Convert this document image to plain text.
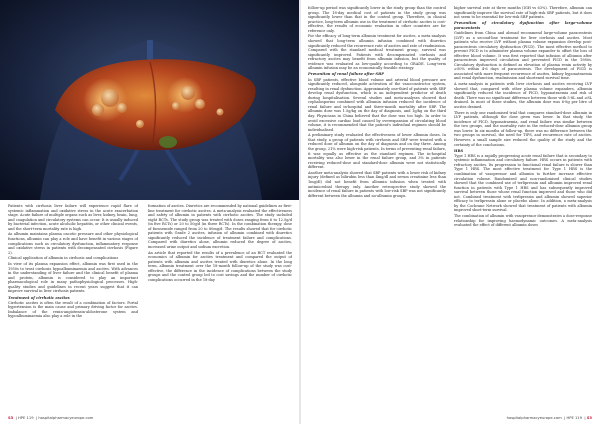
Patients with cirrhosis liver failure will experience rapid flare of systemic inflammation and oxidative stress in the acute exacerbation stage. Acute failure of multiple organs such as liver, kidney, brain, lung, and coagulation and circulatory systems can occur. It is usually induced by bacterial infection, acute alcoholic hepatitis, or other clinical events, and the short-term mortality rate is high.

As albumin maintains plasma oncotic pressure and other physiological functions, albumin can play a role and have benefit in various stages of complications such as circulatory dysfunction, inflammatory response and oxidative stress in patients with decompensated cirrhosis (Figure 2).

Clinical application of albumin in cirrhosis and complications

In view of its plasma expansion effect, albumin was first used in the 1950s to treat cirrhosis hypoalbuminaemia and ascites. With advances in the understanding of liver failure and the clinical benefit of plasma and protein, albumin is considered to play an important pharmacological role in many pathophysiological processes. High-quality studies and guidelines in recent years suggest that it can improve survival in liver cirrhosis patients.

Treatment of cirrhotic ascites

Cirrhotic ascites is often the result of a combination of factors. Portal hypertension is the main cause and primary driving factor for ascites. Imbalance of the renin-angiotensin-aldosterone system and hypoalbuminaemia also play a role in the

formation of ascites. Diuretics are recommended by national guidelines as first-line treatment for cirrhotic ascites. A meta-analysis evaluated the effectiveness and safety of albumin in patients with cirrhotic ascites. The study included eight RCTs. The study group was treated with doses ranging from 6 to 12.5g/d (in five RCTs) or 20 to 50g/d (in three RCTs). In the combination therapy, dose of furosemide ranged from 20 to 80mg/d. The results showed that for cirrhotic patients with Grade 2 ascites, infusion of albumin combined with diuretics significantly reduced the incidence of treatment failure and complications. Compared with diuretics alone, albumin reduced the degree of ascites, increased urine output and sodium excretion.

An article that reported the results of a prevalence of an RCT evaluated the economics of albumin for ascites treatment and compared the output of patients with albumin and ascites treated with diuretics alone. In the long term, albumin treatment over the 18-month follow-up of the study was cost-effective, the difference in the incidence of complications between the study groups and the control group led to cost savings and the number of cirrhotic complications occurred in the 18-day

follow-up period was significantly lower in the study group than the control group. The 18-day medical cost of patients in the study group was significantly lower than that in the control group. Therefore, in clinical practice, long-term albumin use in the treatment of cirrhotic ascites is cost-effective, the results of economic evaluation in other countries are for reference only.

For the efficacy of long-term albumin treatment for ascites, a meta-analysis showed that long-term albumin infusion combined with diuretics significantly reduced the recurrence rate of ascites and rate of readmission. Compared with the standard medical treatment group, survival was significantly improved. Patients with decompensated cirrhosis and refractory ascites may benefit from albumin infusion, but the quality of evidence was evaluated as low-quality according to GRADE. Long-term albumin infusion may be an economically feasible strategy.

Prevention of renal failure after SBP

In SBP patients, effective blood volume and arterial blood pressure are significantly reduced, alongside activation of the vasoconstrictor system, resulting in renal dysfunction. Approximately one-third of patients with SBP develop renal dysfunction, which is an independent predictor of death during hospitalisation. Several studies and meta-analyses showed that cephalosporins combined with albumin infusion reduced the incidence of renal failure and in-hospital and three-month mortality after SBP. The albumin dose was 1.5g/kg on the day of diagnosis, and 1g/kg on the third day. Physicians in China believed that the dose was too high. In order to avoid excessive cardiac load caused by overexpansion of circulating blood volume, it is recommended that the patient's individual regimen should be individualised.

A preliminary study evaluated the effectiveness of lower albumin doses. In that study, a group of patients with cirrhosis and SBP were treated with a reduced dose of albumin on the day of diagnosis and on day three. Among the group, 21% were high-risk patients. In terms of preventing renal failure, it was equally as effective as the standard regimen. The in-hospital mortality was also lower in the renal failure group, and 3% in patients receiving reduced-dose and standard-dose albumin were not statistically different.

Another meta-analysis showed that SBP patients with a lower risk of kidney injury (defined as bilirubin less than 4mg/dl and serum creatinine less than 1mg/dl) did not benefit from albumin infusion when treated with antimicrobial therapy only. Another retrospective study showed the incidence of renal failure in patients with low-risk SBP was not significantly different between the albumin and no-albumin groups.

higher survival rate at three months (IGH vs 63%). Therefore, albumin can significantly improve the survival rate of high-risk SBP patients, but it does not seem to be essential for low-risk SBP patients.

Prevention of circulatory dysfunction after large-volume paracentesis

Guidelines from China and abroad recommend large-volume paracentesis (LVP) as a second-line treatment for liver cirrhosis and ascites. Most patients who receive LVP without plasma volume expansion develop post-paracentesis circulatory dysfunction (PICD). The most effective method to prevent PICD is to administer plasma volume expander to offset the loss of effective blood volume. It was first reported that infusion of albumin after paracentesis improved circulation and prevented PICD in the 1980s. Circulatory dysfunction is defined as elevation of plasma renin activity by ≥50% within 4-6 days of paracentesis. The development of PICD is associated with more frequent recurrence of ascites, kidney hyponatraemia and renal dysfunction, readmission and shortened survival time.

A meta-analysis in patients with liver cirrhosis and ascites receiving LVP showed that, compared with other plasma volume expanders, albumin significantly reduced the incidence of PICD, hyponatraemia and risk of death. There was no significant difference between those with 5-8L and ≥8L drained. In most of these studies, the albumin dose was 6-8g per litre of ascites drained.

There is only one randomised trial that compares standard-dose albumin in LVP patients, although the dose given was lower. In that study, the incidence of PICD, hyponatraemia, and renal failure was similar between the two groups, and the mortality rate in the reduced-dose albumin group was lower. In six months of follow-up, there was no difference between the two groups in survival, the need for TIPS, and recurrence rate of ascites. However, a small sample size reduced the quality of the study and the certainty of the conclusions.

HRS

Type 1 HRS is a rapidly progressing acute renal failure that is secondary to systemic inflammation and circulatory failure. HRS occurs in patients with refractory ascites. Its progression to functional renal failure is slower than Type 1 HRS. The most effective treatment for Type 1 HRS is the combination of vasopressor and albumin to further increase effective circulation volume. Randomised and non-randomised clinical studies showed that the combined use of terlipressin and albumin improved renal function in patients with Type 1 HRS and has subsequently improved survival between those whose renal function improved and those who did not. Combined treatment with terlipressin and albumin showed superior efficacy to terlipressin alone or placebo alone. In addition, a meta-analysis by the Cochrane Network showed that treatment of patients with albumin improved short-term survival.

The combination of albumin with vasopressor demonstrates a dose-response relationship for improving haemodynamic outcomes. A meta-analysis evaluated the effect of different albumin doses

S3  | HPE 119  | hospitalpharmacyeurope.com	hospitalpharmacyeurope.com  | HPE 119  | S3
